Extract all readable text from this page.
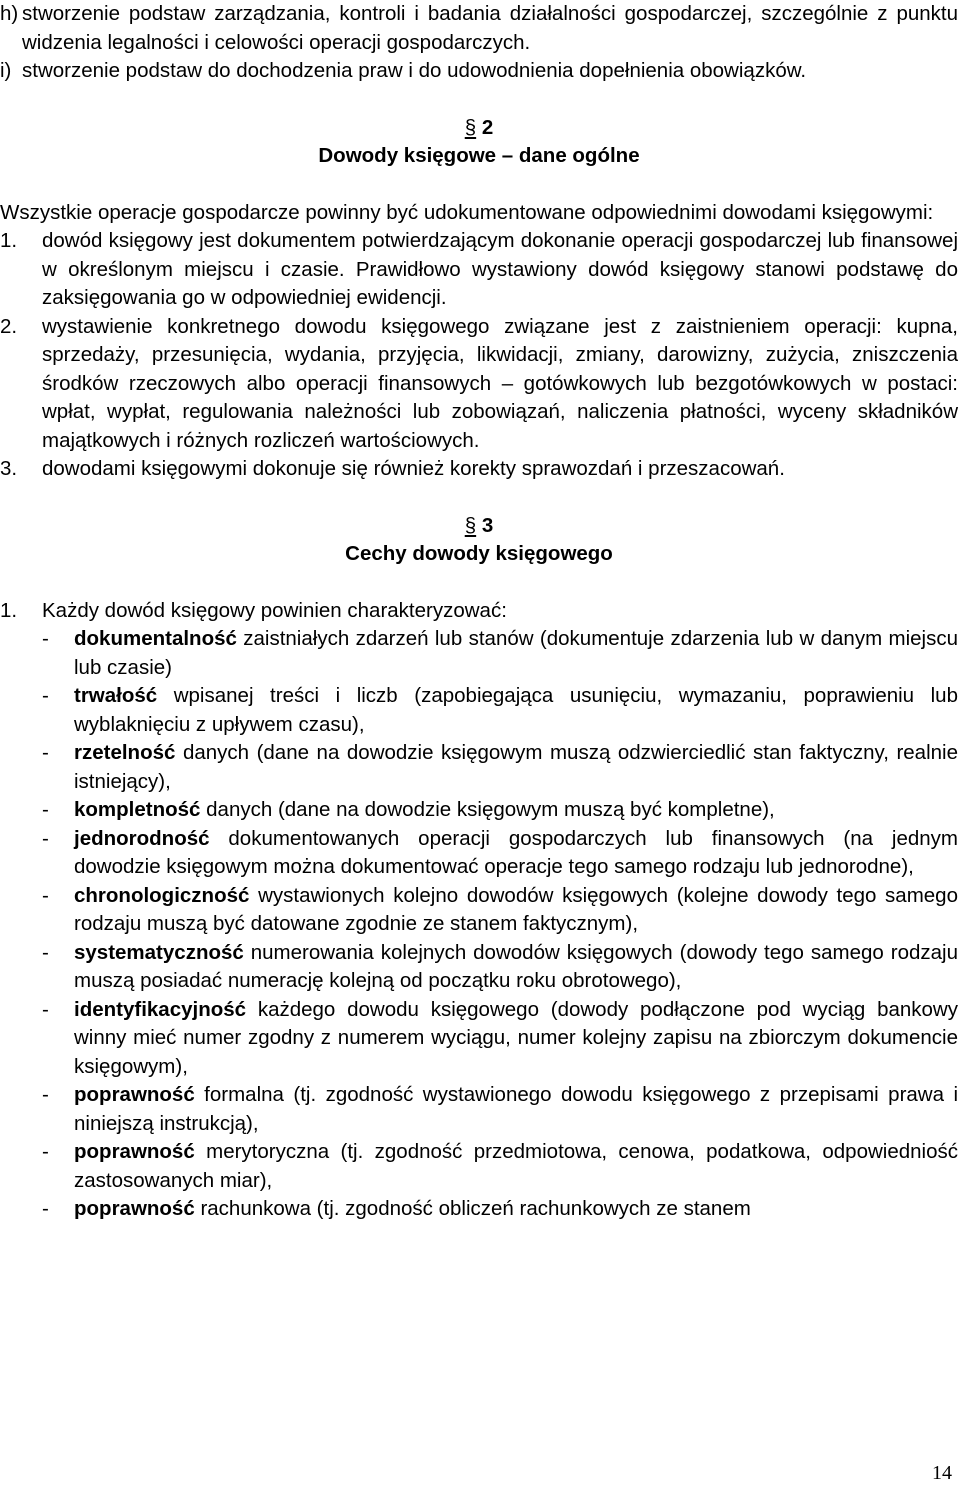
h) stworzenie podstaw zarządzania, kontroli i badania działalności gospodarczej, szczególnie z punktu widzenia legalności i celowości operacji gospodarczych.
i) stworzenie podstaw do dochodzenia praw i do udowodnienia dopełnienia obowiązków.
§ 2
Dowody księgowe – dane ogólne

Wszystkie operacje gospodarcze powinny być udokumentowane odpowiednimi dowodami księgowymi:

1.	dowód księgowy jest dokumentem potwierdzającym dokonanie operacji gospodarczej lub finansowej w określonym miejscu i czasie. Prawidłowo wystawiony dowód księgowy stanowi podstawę do zaksięgowania go w odpowiedniej ewidencji.
2.	wystawienie konkretnego dowodu księgowego związane jest z zaistnieniem operacji: kupna, sprzedaży, przesunięcia, wydania, przyjęcia, likwidacji, zmiany, darowizny, zużycia, zniszczenia środków rzeczowych albo operacji finansowych – gotówkowych lub bezgotówkowych w postaci: wpłat, wypłat, regulowania należności lub zobowiązań, naliczenia płatności, wyceny składników majątkowych i różnych rozliczeń wartościowych.
3.	dowodami księgowymi dokonuje się również korekty sprawozdań i przeszacowań.
§ 3
Cechy dowody księgowego
1.	Każdy dowód księgowy powinien charakteryzować:
-	dokumentalność zaistniałych zdarzeń lub stanów (dokumentuje zdarzenia lub w danym miejscu lub czasie)
-	trwałość wpisanej treści i liczb (zapobiegająca usunięciu, wymazaniu, poprawieniu lub wyblaknięciu z upływem czasu),
-	rzetelność danych (dane na dowodzie księgowym muszą odzwierciedlić stan faktyczny, realnie istniejący),
-	kompletność danych (dane na dowodzie księgowym muszą być kompletne),
-	jednorodność dokumentowanych operacji gospodarczych lub finansowych (na jednym dowodzie księgowym można dokumentować operacje tego samego rodzaju lub jednorodne),
-	chronologiczność wystawionych kolejno dowodów księgowych (kolejne dowody tego samego rodzaju muszą być datowane zgodnie ze stanem faktycznym),
-	systematyczność numerowania kolejnych dowodów księgowych (dowody tego samego rodzaju muszą posiadać numerację kolejną od początku roku obrotowego),
-	identyfikacyjność każdego dowodu księgowego (dowody podłączone pod wyciąg bankowy winny mieć numer zgodny z numerem wyciągu, numer kolejny zapisu na zbiorczym dokumencie księgowym),
-	poprawność formalna (tj. zgodność wystawionego dowodu księgowego z przepisami prawa i niniejszą instrukcją),
-	poprawność merytoryczna (tj. zgodność przedmiotowa, cenowa, podatkowa, odpowiedniość zastosowanych miar),
-	poprawność rachunkowa (tj. zgodność obliczeń rachunkowych ze stanem
14
